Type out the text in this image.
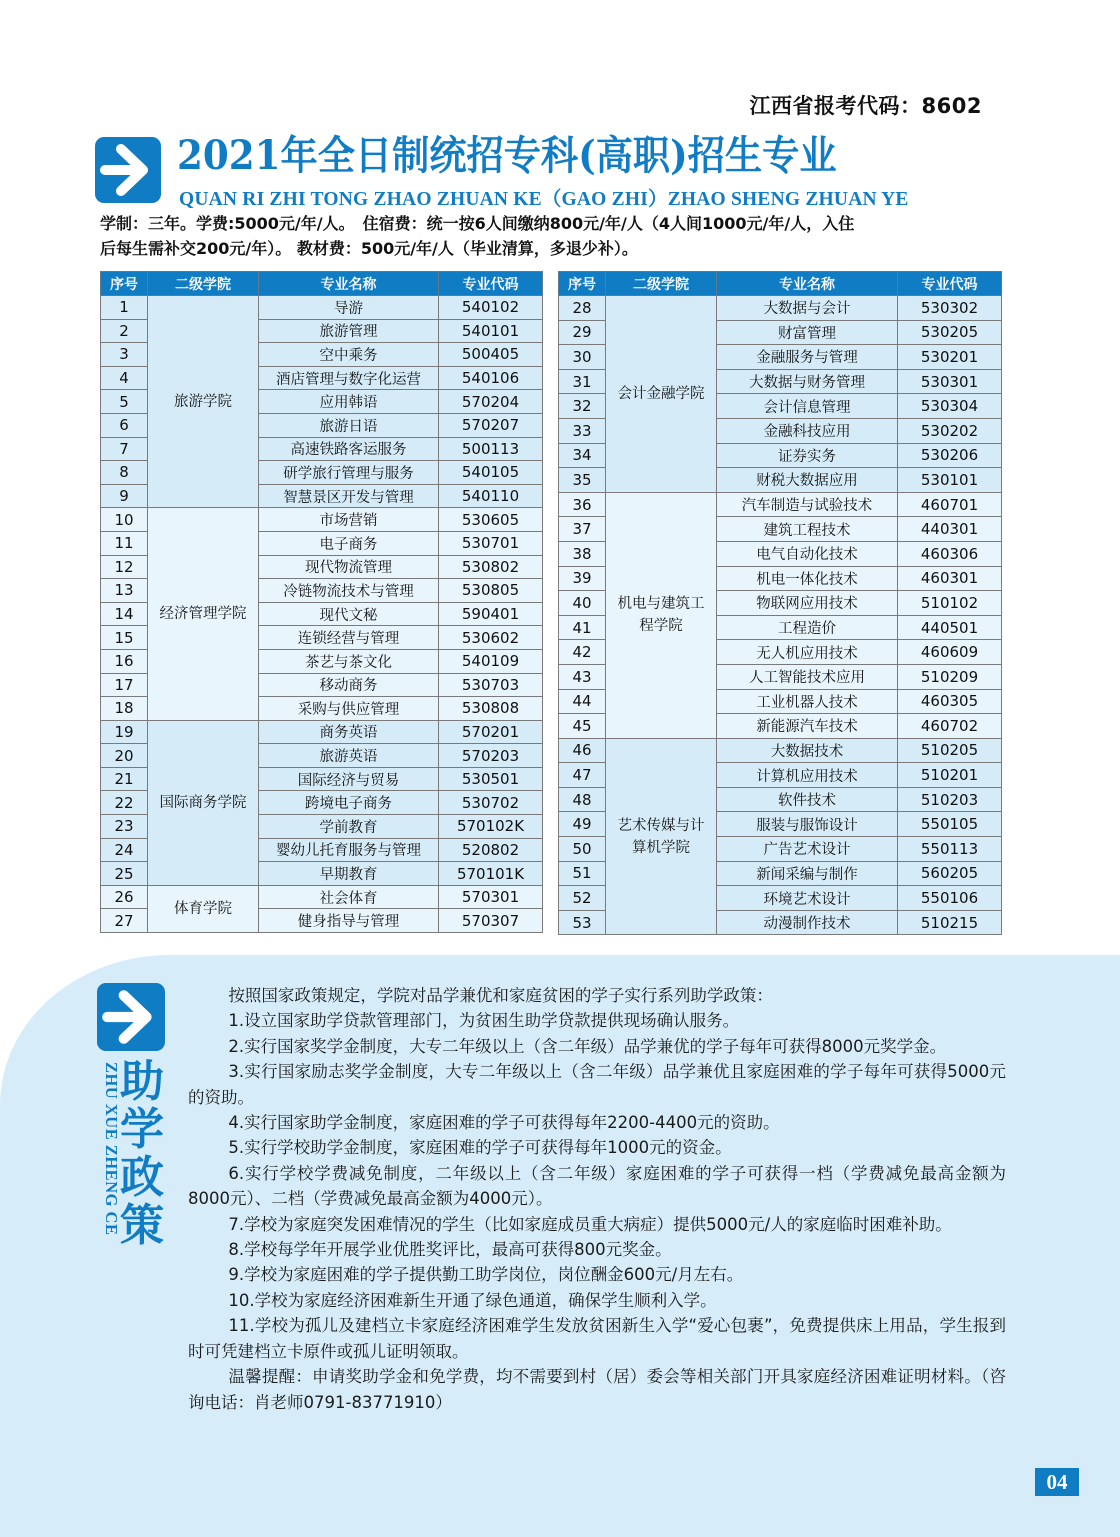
江西省报考代码：8602
2021年全日制统招专科(高职)招生专业
QUAN RI ZHI TONG ZHAO ZHUAN KE（GAO ZHI）ZHAO SHENG ZHUAN YE
学制：三年。学费:5000元/年/人。　住宿费：统一按6人间缴纳800元/年/人（4人间1000元/年/人，入住
后每生需补交200元/年）。 教材费：500元/年/人（毕业清算，多退少补）。
序号	二级学院	专业名称	专业代码
1	旅游学院	导游	540102
2		旅游管理	540101
3		空中乘务	500405
4		酒店管理与数字化运营	540106
5		应用韩语	570204
6		旅游日语	570207
7		高速铁路客运服务	500113
8		研学旅行管理与服务	540105
9		智慧景区开发与管理	540110
10	经济管理学院	市场营销	530605
11		电子商务	530701
12		现代物流管理	530802
13		冷链物流技术与管理	530805
14		现代文秘	590401
15		连锁经营与管理	530602
16		茶艺与茶文化	540109
17		移动商务	530703
18		采购与供应管理	530808
19	国际商务学院	商务英语	570201
20		旅游英语	570203
21		国际经济与贸易	530501
22		跨境电子商务	530702
23		学前教育	570102K
24		婴幼儿托育服务与管理	520802
25		早期教育	570101K
26	体育学院	社会体育	570301
27		健身指导与管理	570307
序号	二级学院	专业名称	专业代码
28	会计金融学院	大数据与会计	530302
29		财富管理	530205
30		金融服务与管理	530201
31		大数据与财务管理	530301
32		会计信息管理	530304
33		金融科技应用	530202
34		证券实务	530206
35		财税大数据应用	530101
36	机电与建筑工
程学院	汽车制造与试验技术	460701
37		建筑工程技术	440301
38		电气自动化技术	460306
39		机电一体化技术	460301
40		物联网应用技术	510102
41		工程造价	440501
42		无人机应用技术	460609
43		人工智能技术应用	510209
44		工业机器人技术	460305
45		新能源汽车技术	460702
46	艺术传媒与计
算机学院	大数据技术	510205
47		计算机应用技术	510201
48		软件技术	510203
49		服装与服饰设计	550105
50		广告艺术设计	550113
51		新闻采编与制作	560205
52		环境艺术设计	550106
53		动漫制作技术	510215
ZHU XUE ZHENG CE 助
学
政
策

按照国家政策规定，学院对品学兼优和家庭贫困的学子实行系列助学政策：

1.设立国家助学贷款管理部门，为贫困生助学贷款提供现场确认服务。

2.实行国家奖学金制度，大专二年级以上（含二年级）品学兼优的学子每年可获得8000元奖学金。

3.实行国家励志奖学金制度，大专二年级以上（含二年级）品学兼优且家庭困难的学子每年可获得5000元的资助。

4.实行国家助学金制度，家庭困难的学子可获得每年2200-4400元的资助。

5.实行学校助学金制度，家庭困难的学子可获得每年1000元的资金。

6.实行学校学费减免制度，二年级以上（含二年级）家庭困难的学子可获得一档（学费减免最高金额为8000元）、二档（学费减免最高金额为4000元）。

7.学校为家庭突发困难情况的学生（比如家庭成员重大病症）提供5000元/人的家庭临时困难补助。

8.学校每学年开展学业优胜奖评比，最高可获得800元奖金。

9.学校为家庭困难的学子提供勤工助学岗位，岗位酬金600元/月左右。

10.学校为家庭经济困难新生开通了绿色通道，确保学生顺利入学。

11.学校为孤儿及建档立卡家庭经济困难学生发放贫困新生入学“爱心包裹”，免费提供床上用品，学生报到时可凭建档立卡原件或孤儿证明领取。

温馨提醒：申请奖助学金和免学费，均不需要到村（居）委会等相关部门开具家庭经济困难证明材料。（咨询电话：肖老师0791-83771910）

04
